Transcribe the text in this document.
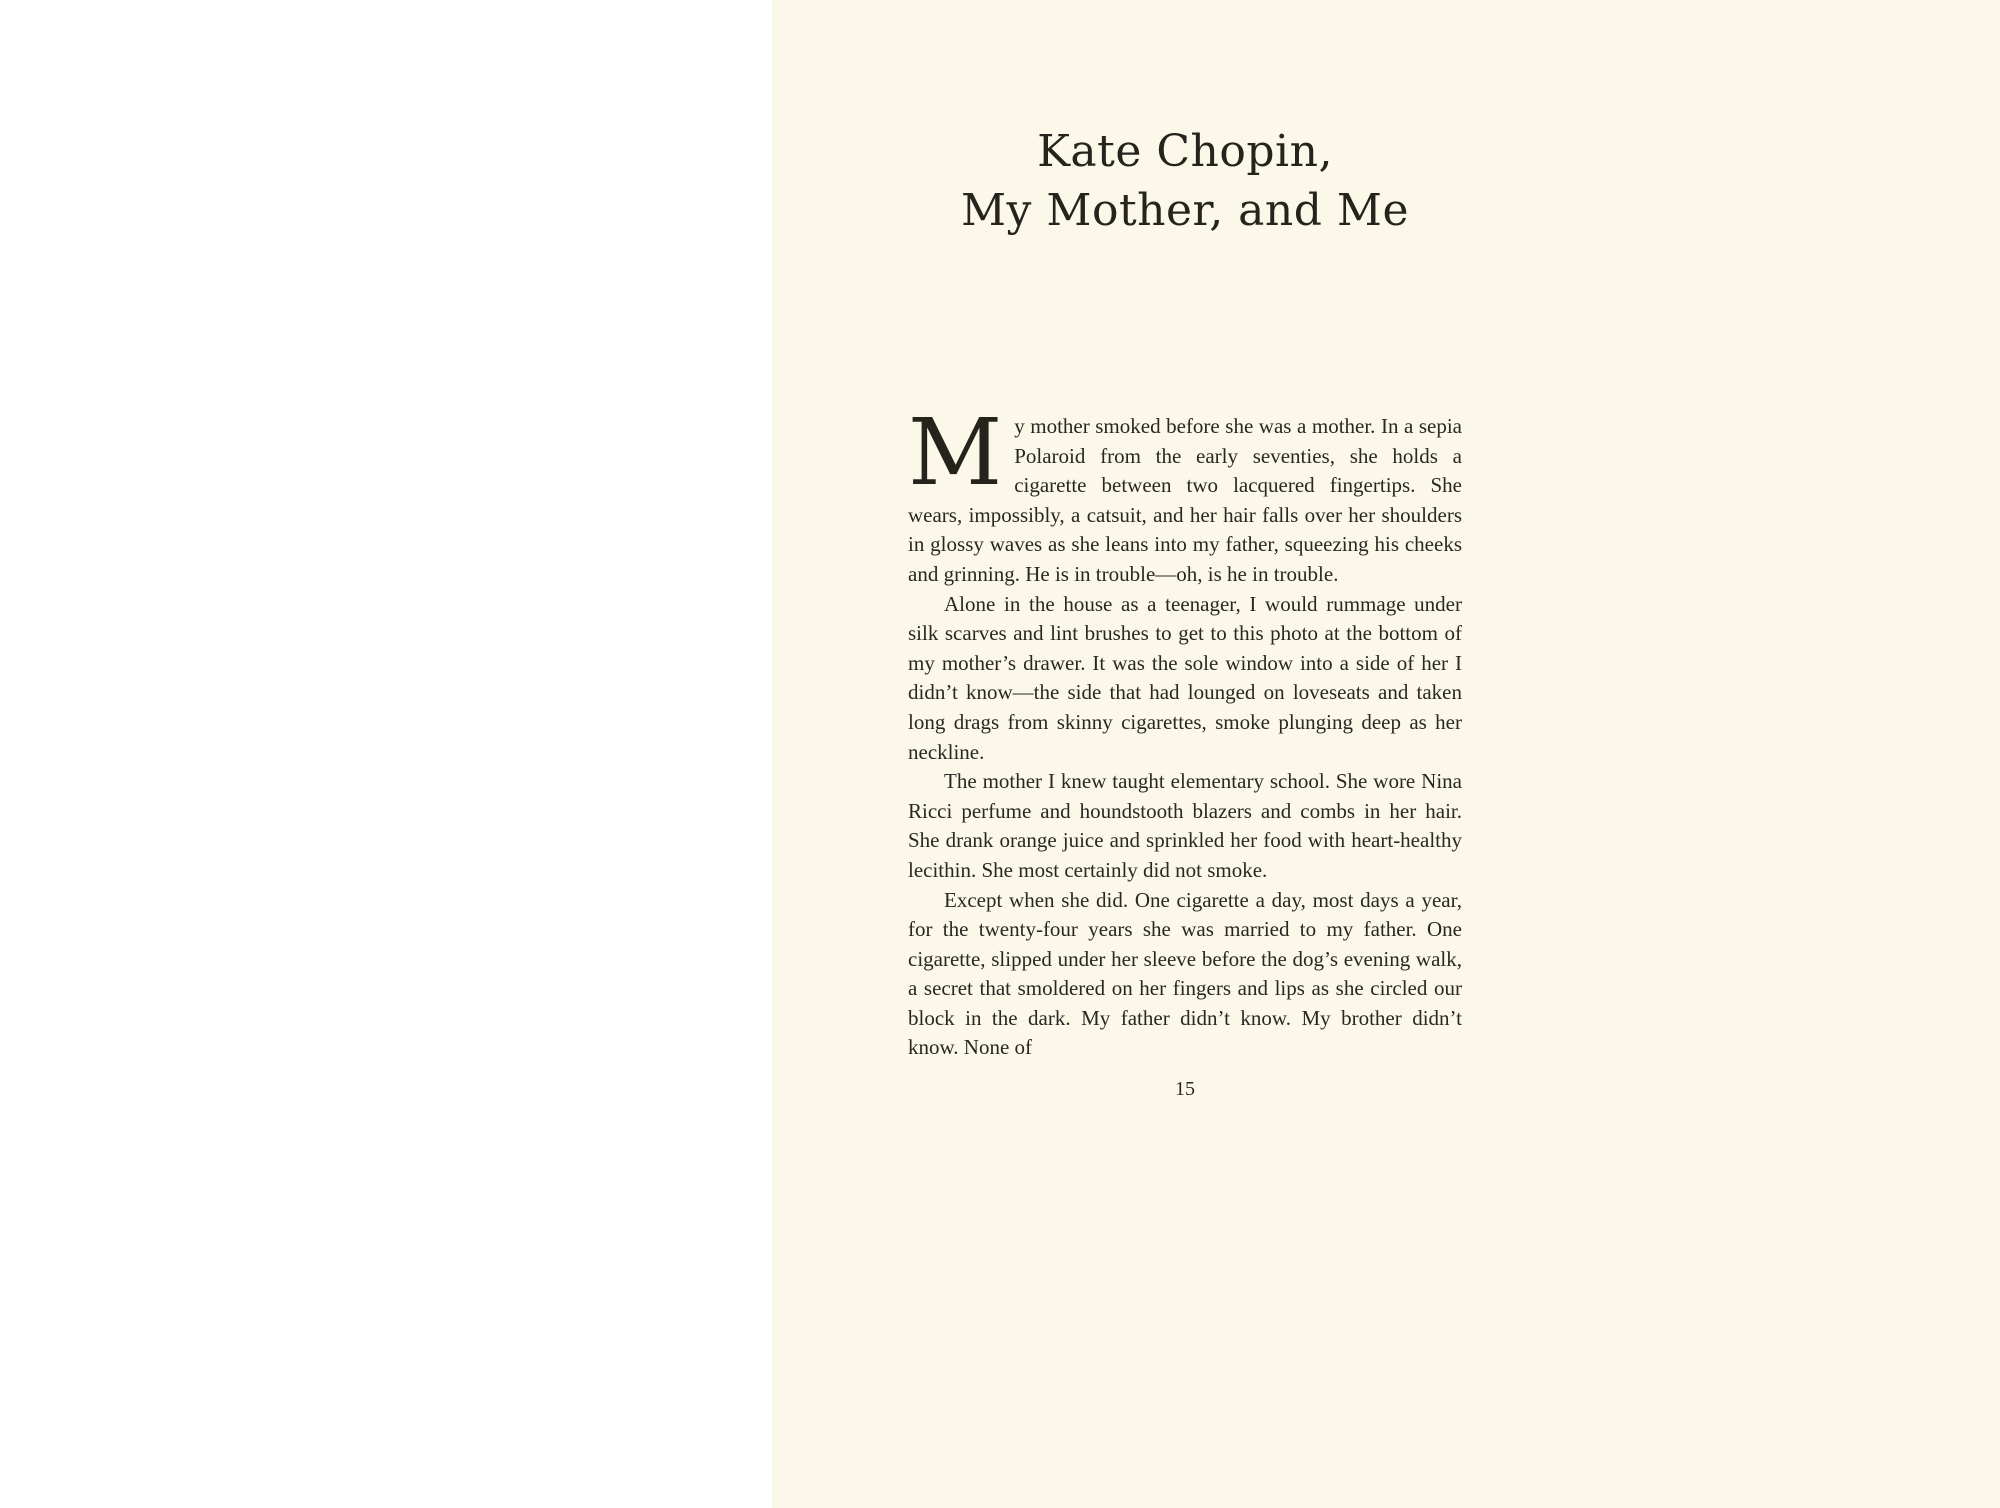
Kate Chopin,
My Mother, and Me

My mother smoked before she was a mother. In a sepia Polaroid from the early seventies, she holds a cigarette between two lacquered fingertips. She wears, impossibly, a catsuit, and her hair falls over her shoulders in glossy waves as she leans into my father, squeezing his cheeks and grinning. He is in trouble—oh, is he in trouble.

Alone in the house as a teenager, I would rummage under silk scarves and lint brushes to get to this photo at the bottom of my mother’s drawer. It was the sole window into a side of her I didn’t know—the side that had lounged on loveseats and taken long drags from skinny cigarettes, smoke plunging deep as her neckline.

The mother I knew taught elementary school. She wore Nina Ricci perfume and houndstooth blazers and combs in her hair. She drank orange juice and sprinkled her food with heart-healthy lecithin. She most certainly did not smoke.

Except when she did. One cigarette a day, most days a year, for the twenty-four years she was married to my father. One cigarette, slipped under her sleeve before the dog’s evening walk, a secret that smoldered on her fingers and lips as she circled our block in the dark. My father didn’t know. My brother didn’t know. None of

15
